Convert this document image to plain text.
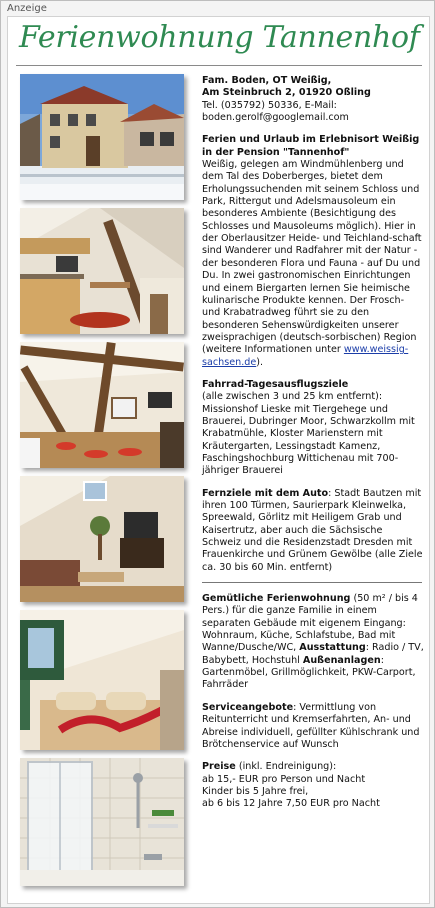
Anzeige
Ferienwohnung Tannenhof

Fam. Boden, OT Weißig,
Am Steinbruch 2, 01920 Oßling
Tel. (035792) 50336, E-Mail:
boden.gerolf@googlemail.com

Ferien und Urlaub im Erlebnisort Weißig in der Pension "Tannenhof"
Weißig, gelegen am Windmühlenberg und dem Tal des Doberberges, bietet dem Erholungssuchenden mit seinem Schloss und Park, Rittergut und Adelsmausoleum ein besonderes Ambiente (Besichtigung des Schlosses und Mausoleums möglich). Hier in der Oberlausitzer Heide- und Teichland-schaft sind Wanderer und Radfahrer mit der Natur - der besonderen Flora und Fauna - auf Du und Du. In zwei gastronomischen Einrichtungen und einem Biergarten lernen Sie heimische kulinarische Produkte kennen. Der Frosch- und Krabatradweg führt sie zu den besonderen Sehenswürdigkeiten unserer zweisprachigen (deutsch-sorbischen) Region (weitere Informationen unter www.weissig-sachsen.de).

Fahrrad-Tagesausflugsziele
(alle zwischen 3 und 25 km entfernt): Missionshof Lieske mit Tiergehege und Brauerei, Dubringer Moor, Schwarzkollm mit Krabatmühle, Kloster Marienstern mit Kräutergarten, Lessingstadt Kamenz, Faschingshochburg Wittichenau mit 700-jähriger Brauerei

Fernziele mit dem Auto: Stadt Bautzen mit ihren 100 Türmen, Saurierpark Kleinwelka, Spreewald, Görlitz mit Heiligem Grab und Kaisertrutz, aber auch die Sächsische Schweiz und die Residenzstadt Dresden mit Frauenkirche und Grünem Gewölbe (alle Ziele ca. 30 bis 60 Min. entfernt)

Gemütliche Ferienwohnung (50 m² / bis 4 Pers.) für die ganze Familie in einem separaten Gebäude mit eigenem Eingang: Wohnraum, Küche, Schlafstube, Bad mit Wanne/Dusche/WC, Ausstattung: Radio / TV, Babybett, Hochstuhl Außenanlagen: Gartenmöbel, Grillmöglichkeit, PKW-Carport, Fahrräder

Serviceangebote: Vermittlung von Reitunterricht und Kremserfahrten, An- und Abreise individuell, gefüllter Kühlschrank und Brötchenservice auf Wunsch

Preise (inkl. Endreinigung):
ab 15,- EUR pro Person und Nacht
Kinder bis 5 Jahre frei,
ab 6 bis 12 Jahre 7,50 EUR pro Nacht
